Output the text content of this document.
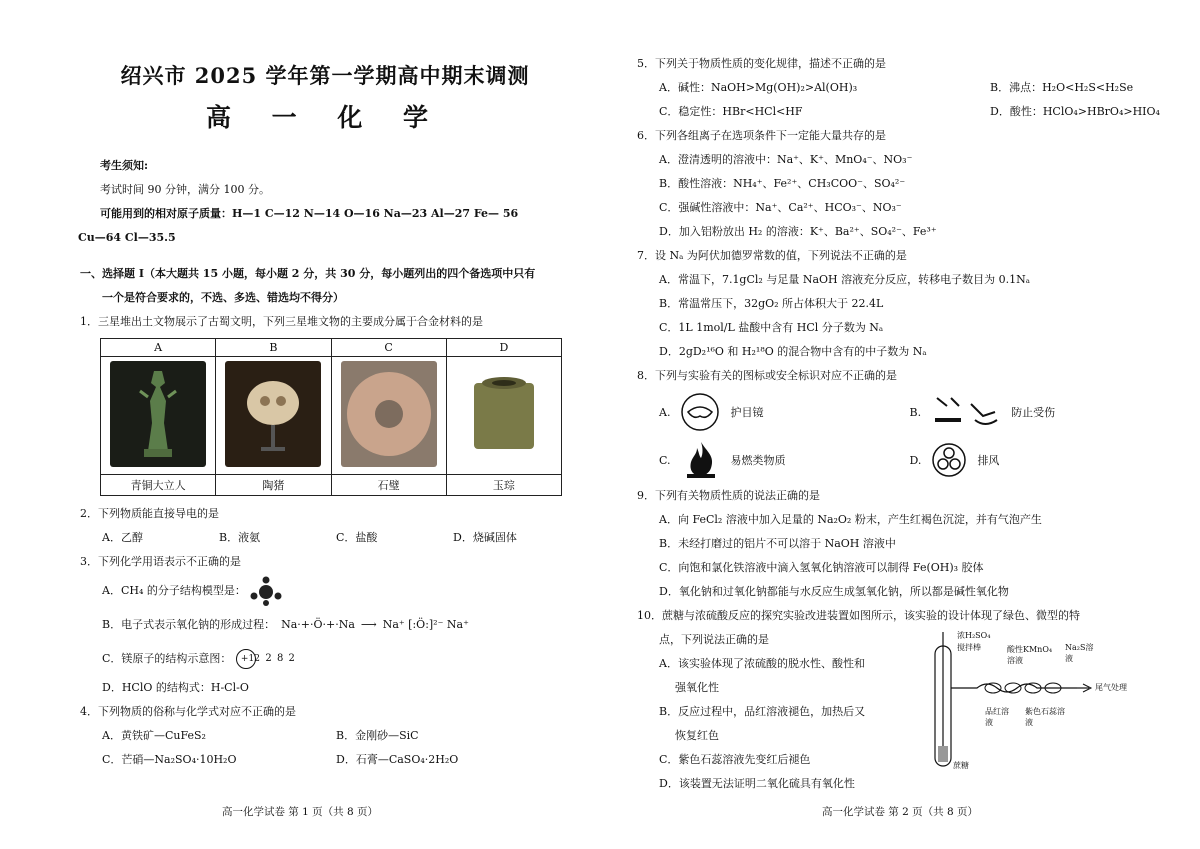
绍兴市 2025 学年第一学期高中期末调测
高 一 化 学
考生须知:
考试时间 90 分钟，满分 100 分。
可能用到的相对原子质量：H—1 C—12 N—14 O—16 Na—23 Al—27 Fe— 56
Cu—64 Cl—35.5
一、选择题 I（本大题共 15 小题，每小题 2 分，共 30 分，每小题列出的四个备选项中只有
一个是符合要求的，不选、多选、错选均不得分）
1．三星堆出土文物展示了古蜀文明，下列三星堆文物的主要成分属于合金材料的是
A	B	C	D

青铜大立人	陶猪	石璧	玉琮
2．下列物质能直接导电的是
A．乙醇	B．液氨	C．盐酸	D．烧碱固体
3．下列化学用语表示不正确的是
A．CH₄ 的分子结构模型是：
B．电子式表示氧化钠的形成过程： Na·+·Ö·+·Na ⟶ Na⁺ [:Ö:]²⁻ Na⁺
C．镁原子的结构示意图： +12 2 8 2
D．HClO 的结构式：H-Cl-O
4．下列物质的俗称与化学式对应不正确的是
A．黄铁矿—CuFeS₂	B．金刚砂—SiC
C．芒硝—Na₂SO₄·10H₂O	D．石膏—CaSO₄·2H₂O
高一化学试卷 第 1 页（共 8 页）
5．下列关于物质性质的变化规律，描述不正确的是
A．碱性：NaOH>Mg(OH)₂>Al(OH)₃	B．沸点：H₂O<H₂S<H₂Se
C．稳定性：HBr<HCl<HF	D．酸性：HClO₄>HBrO₄>HIO₄
6．下列各组离子在选项条件下一定能大量共存的是
A．澄清透明的溶液中：Na⁺、K⁺、MnO₄⁻、NO₃⁻
B．酸性溶液：NH₄⁺、Fe²⁺、CH₃COO⁻、SO₄²⁻
C．强碱性溶液中：Na⁺、Ca²⁺、HCO₃⁻、NO₃⁻
D．加入铝粉放出 H₂ 的溶液：K⁺、Ba²⁺、SO₄²⁻、Fe³⁺
7．设 Nₐ 为阿伏加德罗常数的值，下列说法不正确的是
A．常温下，7.1gCl₂ 与足量 NaOH 溶液充分反应，转移电子数目为 0.1Nₐ
B．常温常压下，32gO₂ 所占体积大于 22.4L
C．1L 1mol/L 盐酸中含有 HCl 分子数为 Nₐ
D．2gD₂¹⁶O 和 H₂¹⁸O 的混合物中含有的中子数为 Nₐ
8．下列与实验有关的图标或安全标识对应不正确的是
A.	护目镜	B.	防止受伤
C.	易燃类物质	D.	排风
9．下列有关物质性质的说法正确的是
A．向 FeCl₂ 溶液中加入足量的 Na₂O₂ 粉末，产生红褐色沉淀，并有气泡产生
B．未经打磨过的铝片不可以溶于 NaOH 溶液中
C．向饱和氯化铁溶液中滴入氢氧化钠溶液可以制得 Fe(OH)₃ 胶体
D．氧化钠和过氧化钠都能与水反应生成氢氧化钠，所以都是碱性氧化物
10．蔗糖与浓硫酸反应的探究实验改进装置如图所示，该实验的设计体现了绿色、微型的特
点，下列说法正确的是
A．该实验体现了浓硫酸的脱水性、酸性和
强氧化性
B．反应过程中，品红溶液褪色，加热后又
恢复红色
C．紫色石蕊溶液先变红后褪色
D．该装置无法证明二氧化硫具有氧化性
浓H₂SO₄
搅拌棒	酸性KMnO₄溶液
Na₂S溶液
品红溶液
紫色石蕊溶液
尾气处理
蔗糖
高一化学试卷 第 2 页（共 8 页）
